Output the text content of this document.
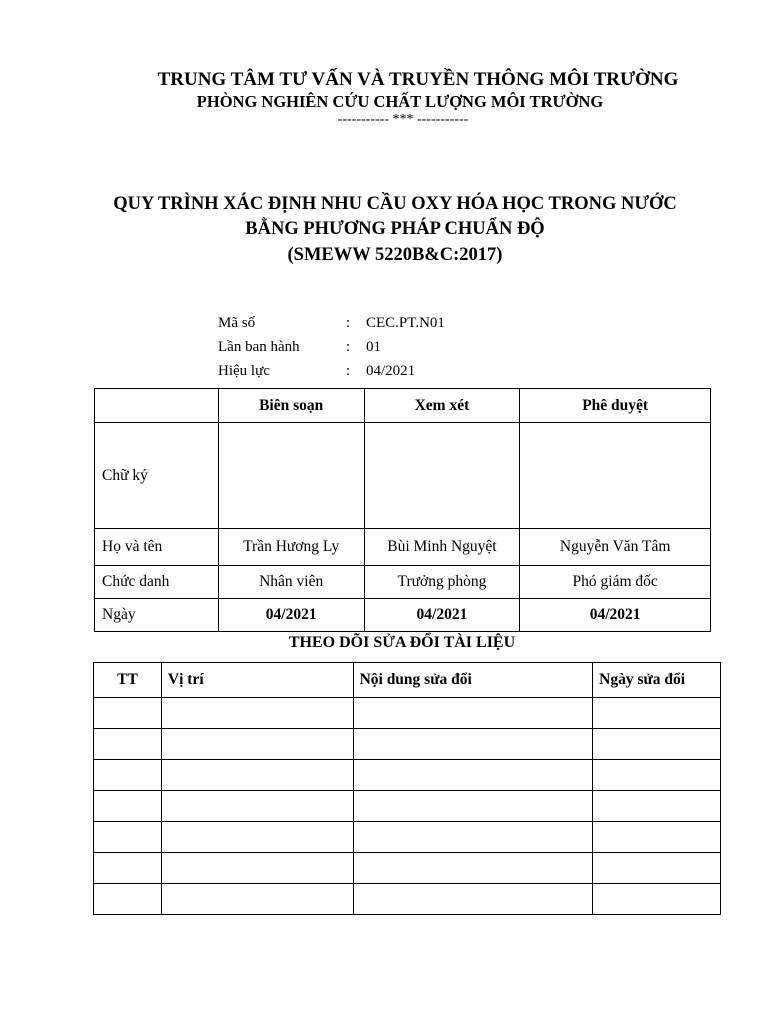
TRUNG TÂM TƯ VẤN VÀ TRUYỀN THÔNG MÔI TRƯỜNG
PHÒNG NGHIÊN CỨU CHẤT LƯỢNG MÔI TRƯỜNG
----------- *** -----------
QUY TRÌNH XÁC ĐỊNH NHU CẦU OXY HÓA HỌC TRONG NƯỚC
BẰNG PHƯƠNG PHÁP CHUẨN ĐỘ
(SMEWW 5220B&C:2017)
Mã số	: CEC.PT.N01
Lần ban hành	: 01
Hiệu lực	: 04/2021
	Biên soạn	Xem xét	Phê duyệt
Chữ ký			
Họ và tên	Trần Hương Ly	Bùi Minh Nguyệt	Nguyễn Văn Tâm
Chức danh	Nhân viên	Trưởng phòng	Phó giám đốc
Ngày	04/2021	04/2021	04/2021
THEO DÕI SỬA ĐỔI TÀI LIỆU
TT	Vị trí	Nội dung sửa đổi	Ngày sửa đổi
